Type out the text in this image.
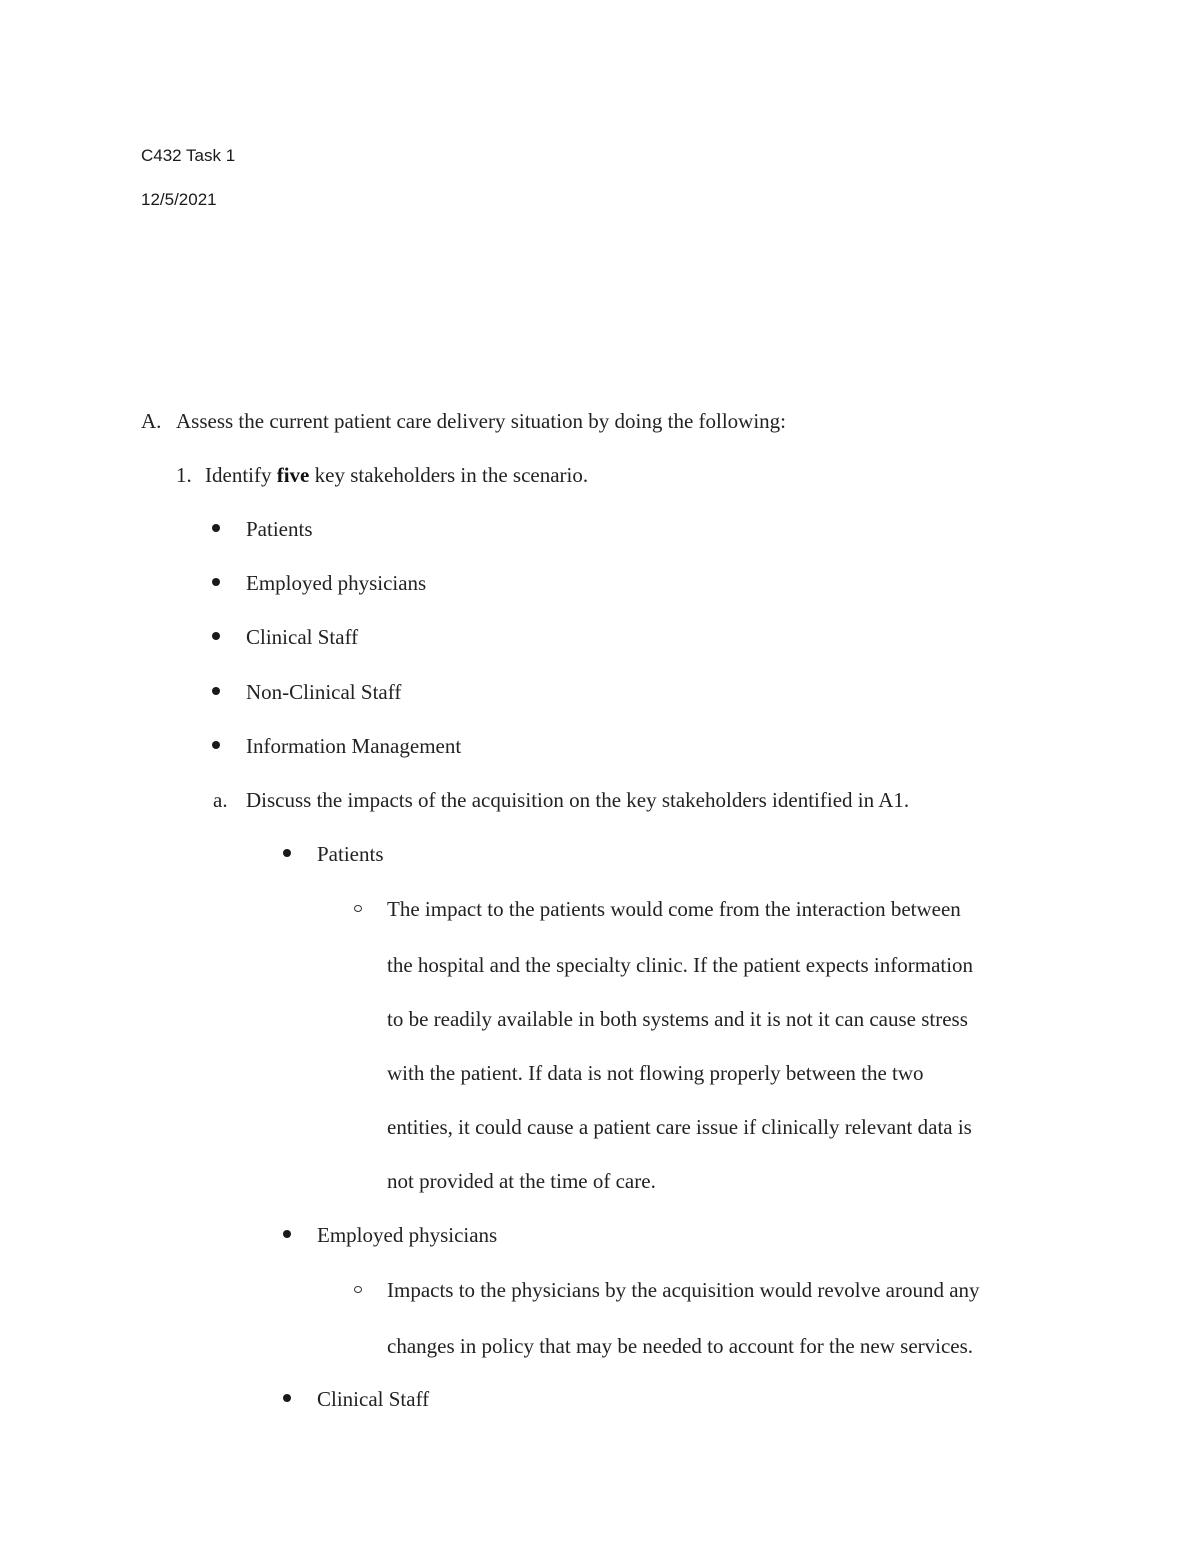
C432 Task 1
12/5/2021
A. Assess the current patient care delivery situation by doing the following:
1. Identify five key stakeholders in the scenario.
Patients
Employed physicians
Clinical Staff
Non-Clinical Staff
Information Management
a. Discuss the impacts of the acquisition on the key stakeholders identified in A1.
Patients
The impact to the patients would come from the interaction between
the hospital and the specialty clinic. If the patient expects information
to be readily available in both systems and it is not it can cause stress
with the patient. If data is not flowing properly between the two
entities, it could cause a patient care issue if clinically relevant data is
not provided at the time of care.
Employed physicians
Impacts to the physicians by the acquisition would revolve around any
changes in policy that may be needed to account for the new services.
Clinical Staff
